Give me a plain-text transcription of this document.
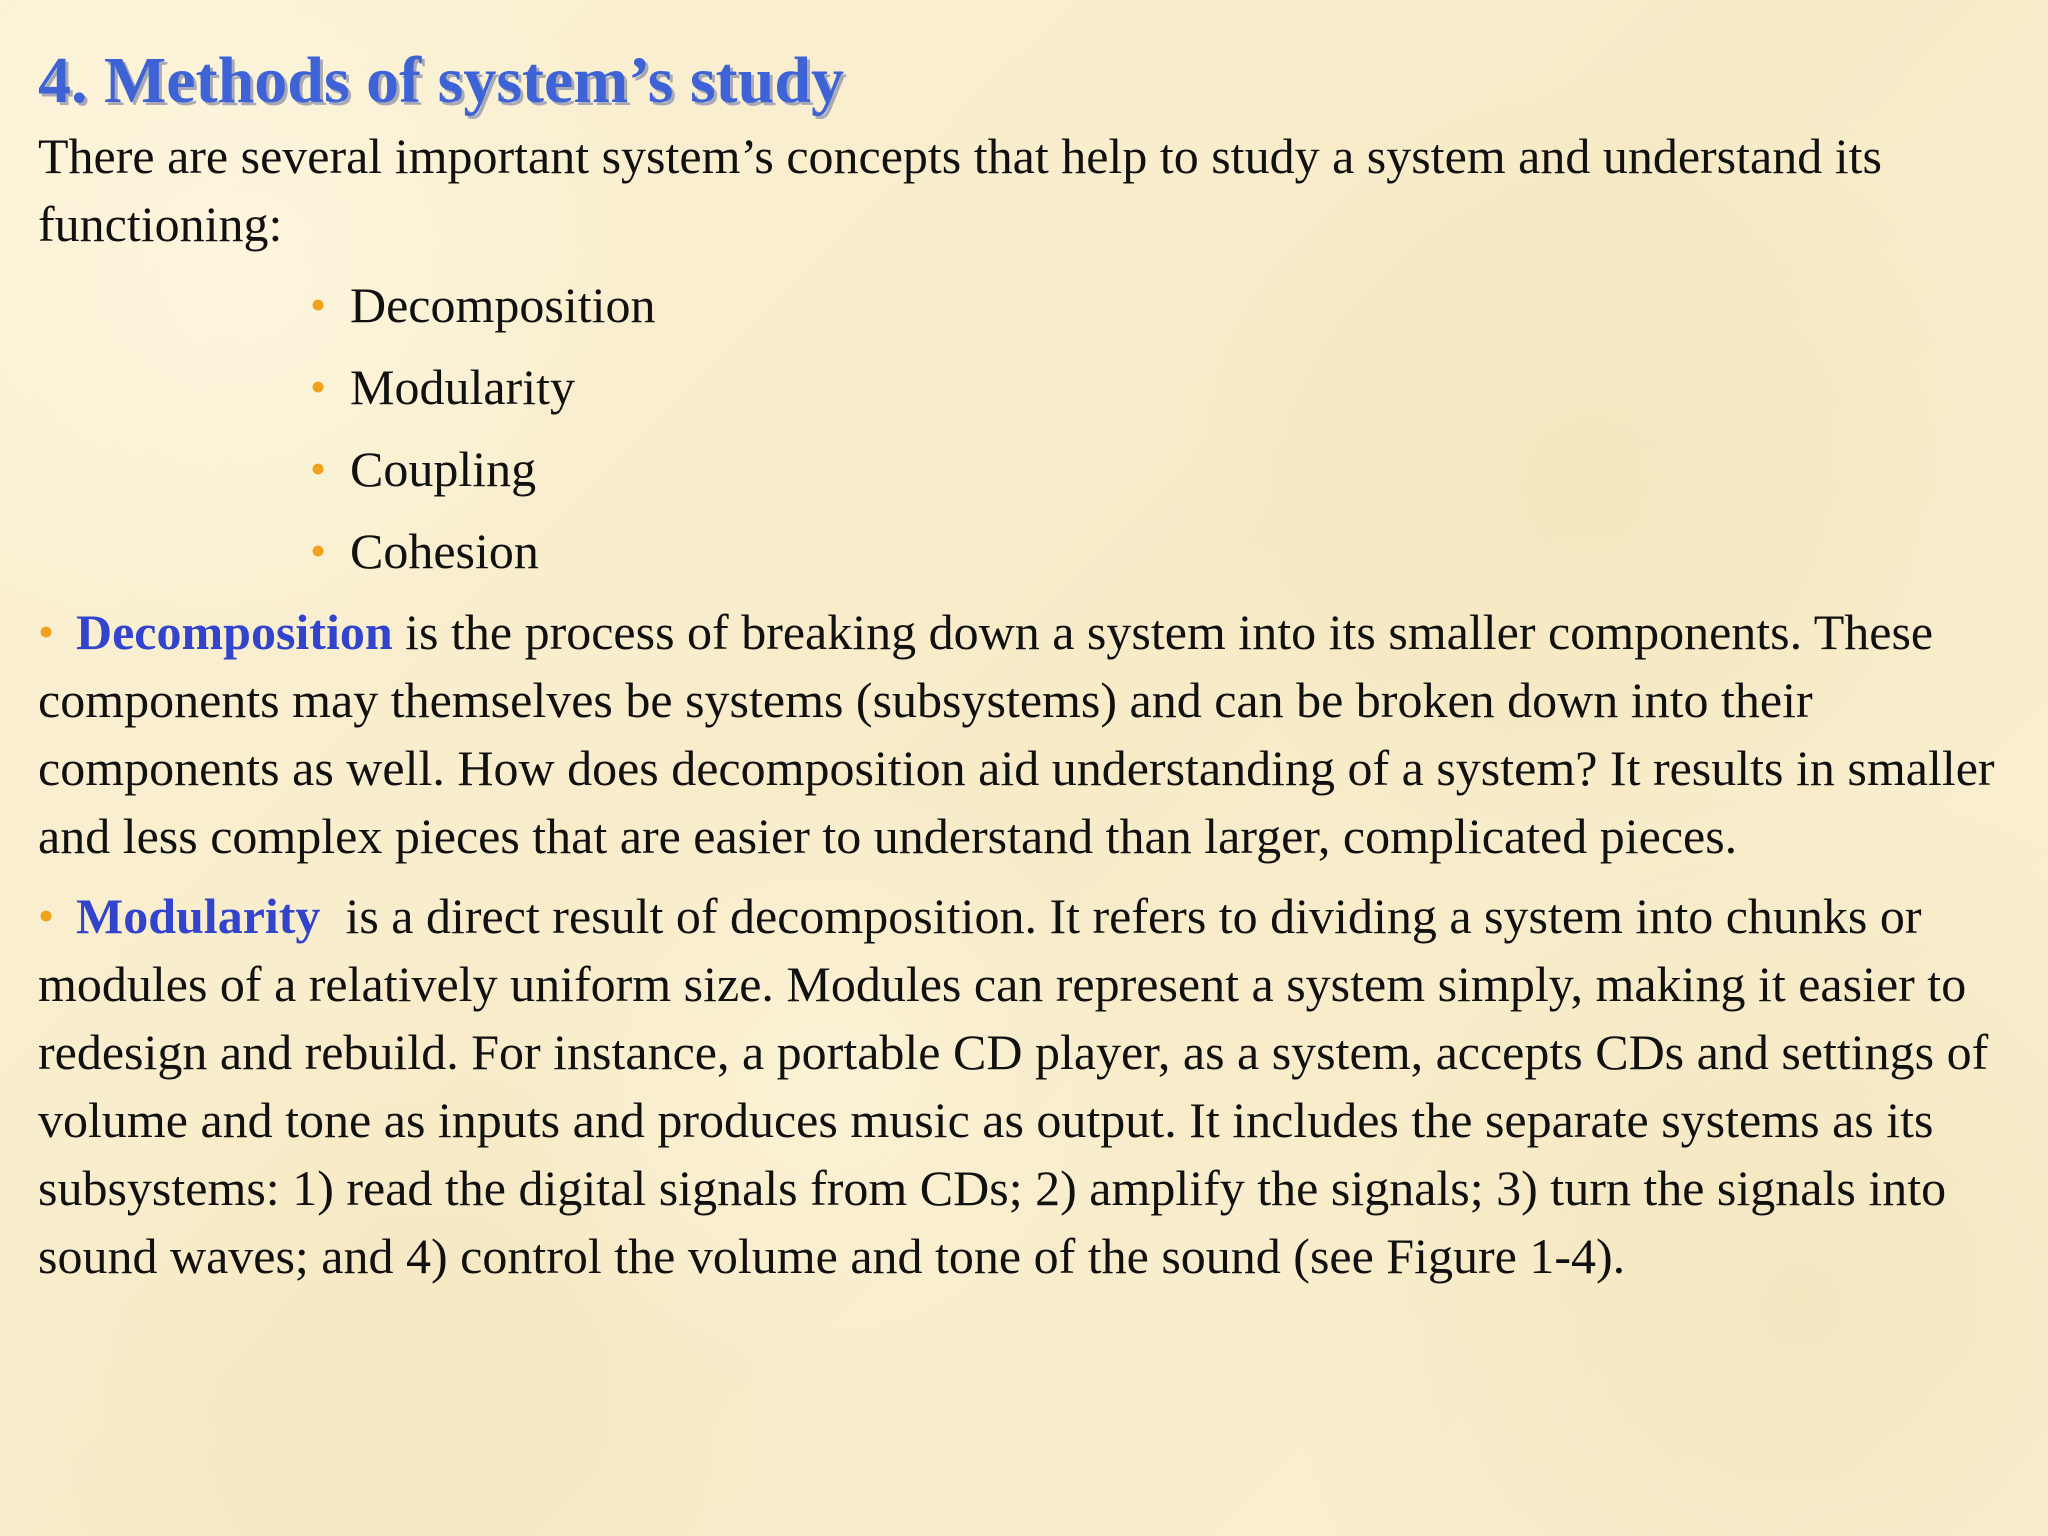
4. Methods of system’s study

There are several important system’s concepts that help to study a system and understand its functioning:

• Decomposition
• Modularity
• Coupling
• Cohesion

• Decomposition is the process of breaking down a system into its smaller components. These components may themselves be systems (subsystems) and can be broken down into their components as well. How does decomposition aid understanding of a system? It results in smaller and less complex pieces that are easier to understand than larger, complicated pieces.

• Modularity  is a direct result of decomposition. It refers to dividing a system into chunks or modules of a relatively uniform size. Modules can represent a system simply, making it easier to redesign and rebuild. For instance, a portable CD player, as a system, accepts CDs and settings of volume and tone as inputs and produces music as output. It includes the separate systems as its subsystems: 1) read the digital signals from CDs; 2) amplify the signals; 3) turn the signals into sound waves; and 4) control the volume and tone of the sound (see Figure 1-4).
